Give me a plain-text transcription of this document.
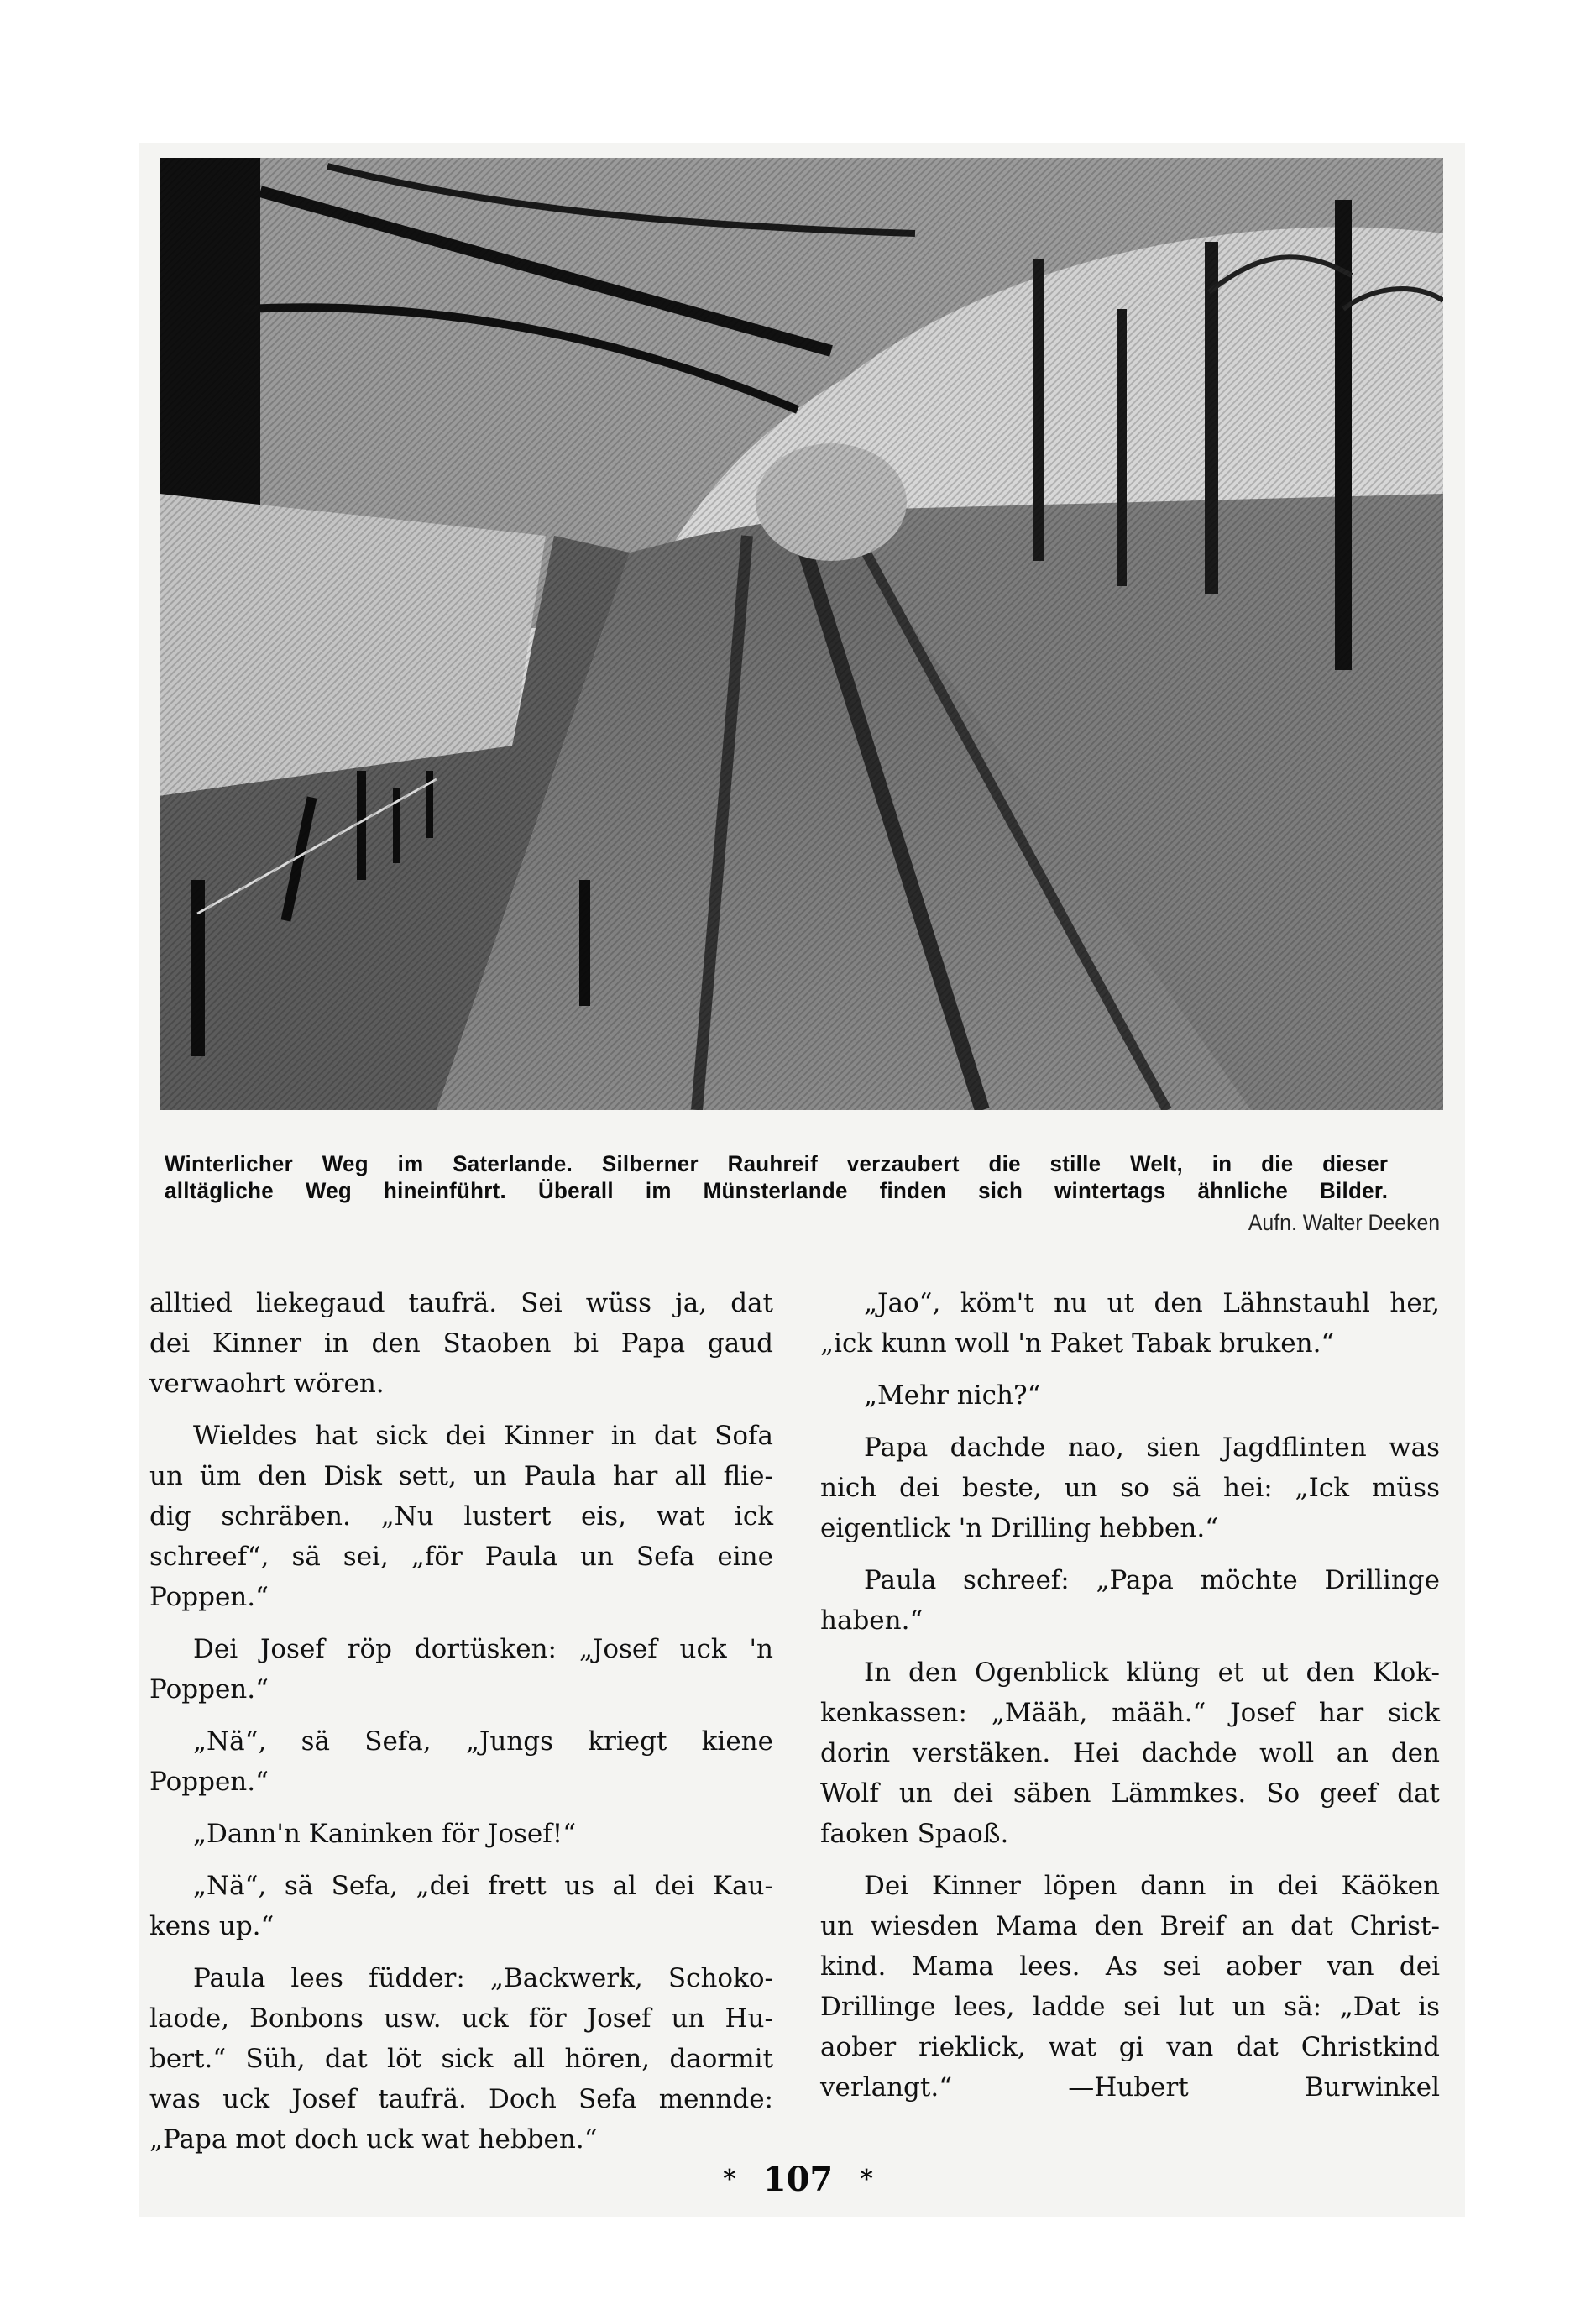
Winterlicher Weg im Saterlande. Silberner Rauhreif verzaubert die stille Welt, in die dieser

alltägliche Weg hineinführt. Überall im Münsterlande finden sich wintertags ähnliche Bilder.

Aufn. Walter Deeken

alltied liekegaud taufrä. Sei wüss ja, dat
dei Kinner in den Staoben bi Papa gaud
verwaohrt wören.

Wieldes hat sick dei Kinner in dat Sofa
un üm den Disk sett, un Paula har all flie-
dig schräben. „Nu lustert eis, wat ick
schreef“, sä sei, „för Paula un Sefa eine
Poppen.“

Dei Josef röp dortüsken: „Josef uck 'n
Poppen.“

„Nä“, sä Sefa, „Jungs kriegt kiene
Poppen.“

„Dann'n Kaninken för Josef!“

„Nä“, sä Sefa, „dei frett us al dei Kau-
kens up.“

Paula lees füdder: „Backwerk, Schoko-
laode, Bonbons usw. uck för Josef un Hu-
bert.“ Süh, dat löt sick all hören, daormit
was uck Josef taufrä. Doch Sefa mennde:
„Papa mot doch uck wat hebben.“

„Jao“, köm't nu ut den Lähnstauhl her,
„ick kunn woll 'n Paket Tabak bruken.“

„Mehr nich?“

Papa dachde nao, sien Jagdflinten was
nich dei beste, un so sä hei: „Ick müss
eigentlick 'n Drilling hebben.“

Paula schreef: „Papa möchte Drillinge
haben.“

In den Ogenblick klüng et ut den Klok-
kenkassen: „Määh, määh.“ Josef har sick
dorin verstäken. Hei dachde woll an den
Wolf un dei säben Lämmkes. So geef dat
faoken Spaoß.

Dei Kinner löpen dann in dei Käöken
un wiesden Mama den Breif an dat Christ-
kind. Mama lees. As sei aober van dei
Drillinge lees, ladde sei lut un sä: „Dat is
aober rieklick, wat gi van dat Christkind
verlangt.“ —Hubert Burwinkel

* 107 *
